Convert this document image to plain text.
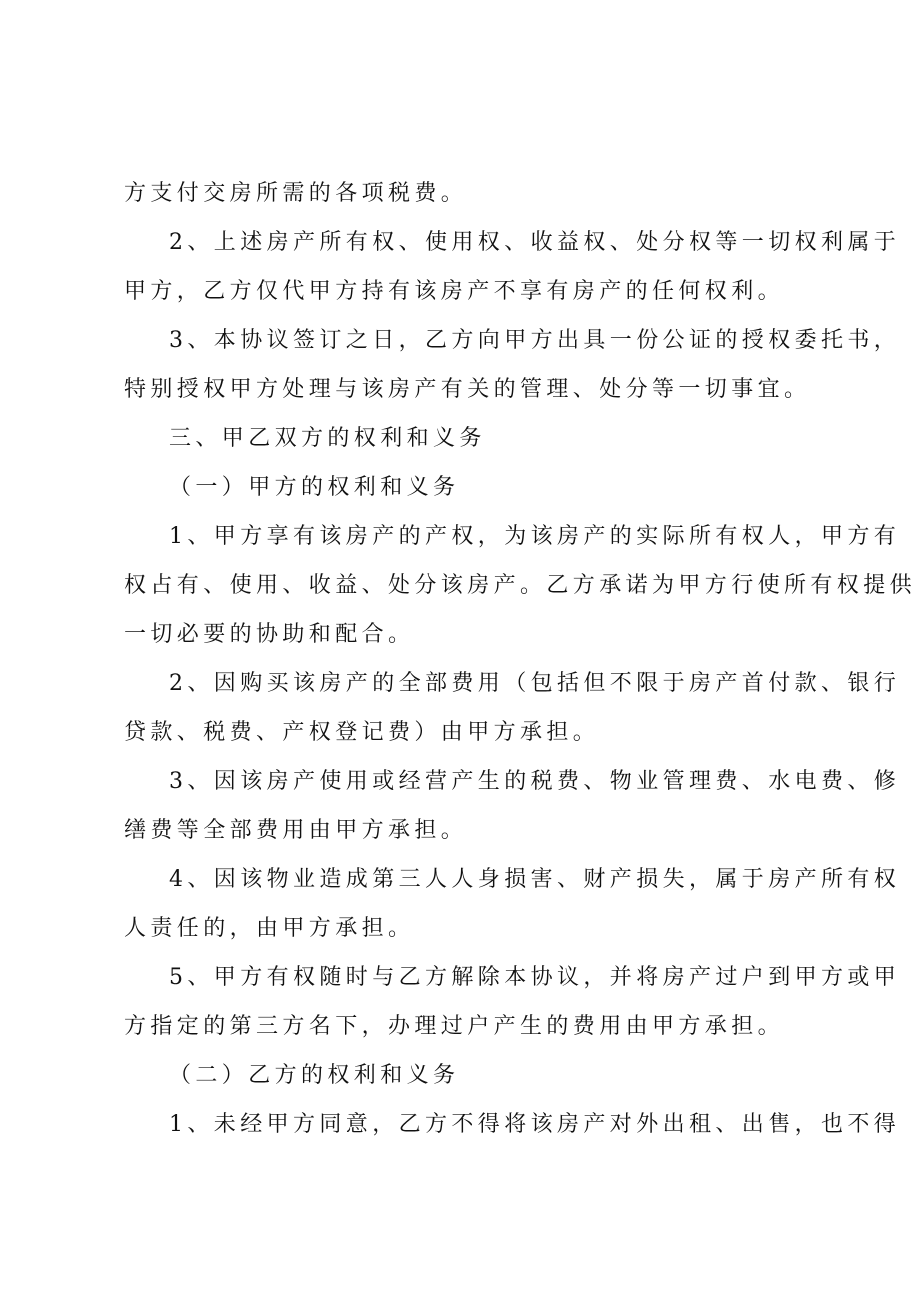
方支付交房所需的各项税费。
2、上述房产所有权、使用权、收益权、处分权等一切权利属于
甲方，乙方仅代甲方持有该房产不享有房产的任何权利。
3、本协议签订之日，乙方向甲方出具一份公证的授权委托书，
特别授权甲方处理与该房产有关的管理、处分等一切事宜。
三、甲乙双方的权利和义务
（一）甲方的权利和义务
1、甲方享有该房产的产权，为该房产的实际所有权人，甲方有
权占有、使用、收益、处分该房产。乙方承诺为甲方行使所有权提供
一切必要的协助和配合。
2、因购买该房产的全部费用（包括但不限于房产首付款、银行
贷款、税费、产权登记费）由甲方承担。
3、因该房产使用或经营产生的税费、物业管理费、水电费、修
缮费等全部费用由甲方承担。
4、因该物业造成第三人人身损害、财产损失，属于房产所有权
人责任的，由甲方承担。
5、甲方有权随时与乙方解除本协议，并将房产过户到甲方或甲
方指定的第三方名下，办理过户产生的费用由甲方承担。
（二）乙方的权利和义务
1、未经甲方同意，乙方不得将该房产对外出租、出售，也不得
